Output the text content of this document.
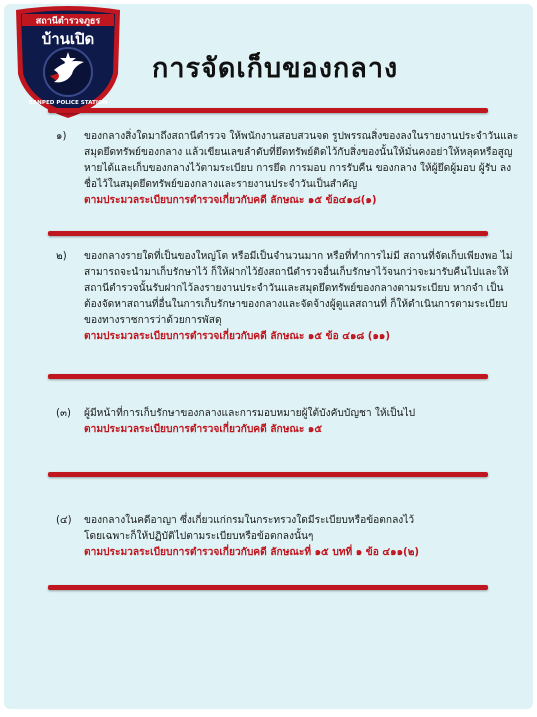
สถานีตำรวจภูธร
บ้านเปิด
BANPED POLICE STATION
การจัดเก็บของกลาง
๑)	ของกลางสิ่งใดมาถึงสถานีตำรวจ ให้พนักงานสอบสวนจด รูปพรรณสิ่งของลงในรายงานประจำวันและ
สมุดยึดทรัพย์ของกลาง แล้วเขียนเลขลำดับที่ยึดทรัพย์ติดไว้กับสิ่งของนั้นให้มั่นคงอย่าให้หลุดหรือสูญ
หายได้และเก็บของกลางไว้ตามระเบียบ การยึด การมอบ การรับคืน ของกลาง ให้ผู้ยึดผู้มอบ ผู้รับ ลง
ชื่อไว้ในสมุดยึดทรัพย์ของกลางและรายงานประจำวันเป็นสำคัญ
ตามประมวลระเบียบการตำรวจเกี่ยวกับคดี ลักษณะ ๑๕ ข้อ๔๑๘(๑)
๒)	ของกลางรายใดที่เป็นของใหญ่โต หรือมีเป็นจำนวนมาก หรือที่ทำการไม่มี สถานที่จัดเก็บเพียงพอ ไม่
สามารถจะนำมาเก็บรักษาไว้ ก็ให้ฝากไว้ยังสถานีตำรวจอื่นเก็บรักษาไว้จนกว่าจะมารับคืนไปและให้
สถานีตำรวจนั้นรับฝากไว้ลงรายงานประจำวันและสมุดยึดทรัพย์ของกลางตามระเบียบ หากจำ เป็น
ต้องจัดหาสถานที่อื่นในการเก็บรักษาของกลางและจัดจ้างผู้ดูแลสถานที่ ก็ให้ดำเนินการตามระเบียบ
ของทางราชการว่าด้วยการพัสดุ
ตามประมวลระเบียบการตำรวจเกี่ยวกับคดี ลักษณะ ๑๕ ข้อ ๔๑๘ (๑๑)
(๓)	ผู้มีหน้าที่การเก็บรักษาของกลางและการมอบหมายผู้ใต้บังคับบัญชา ให้เป็นไป
ตามประมวลระเบียบการตำรวจเกี่ยวกับคดี ลักษณะ ๑๕
(๔)	ของกลางในคดีอาญา ซึ่งเกี่ยวแก่กรมในกระทรวงใดมีระเบียบหรือข้อตกลงไว้
โดยเฉพาะก็ให้ปฏิบัติไปตามระเบียบหรือข้อตกลงนั้นๆ
ตามประมวลระเบียบการตำรวจเกี่ยวกับคดี ลักษณะที่ ๑๕ บทที่ ๑ ข้อ ๔๑๑(๒)
